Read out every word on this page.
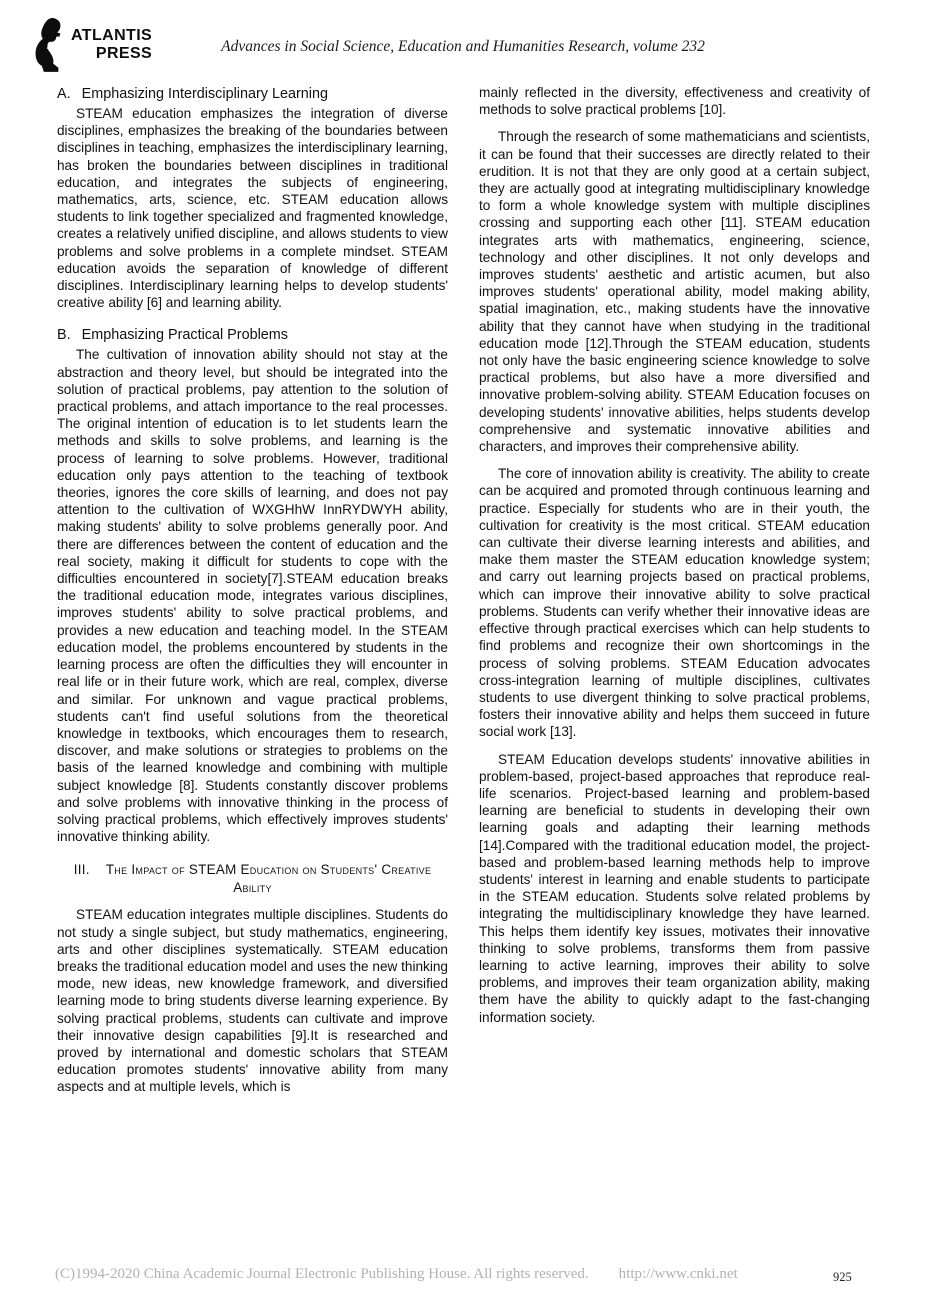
ATLANTIS
PRESS	Advances in Social Science, Education and Humanities Research, volume 232
A. Emphasizing Interdisciplinary Learning

STEAM education emphasizes the integration of diverse disciplines, emphasizes the breaking of the boundaries between disciplines in teaching, emphasizes the interdisciplinary learning, has broken the boundaries between disciplines in traditional education, and integrates the subjects of engineering, mathematics, arts, science, etc. STEAM education allows students to link together specialized and fragmented knowledge, creates a relatively unified discipline, and allows students to view problems and solve problems in a complete mindset. STEAM education avoids the separation of knowledge of different disciplines. Interdisciplinary learning helps to develop students' creative ability [6] and learning ability.

B. Emphasizing Practical Problems

The cultivation of innovation ability should not stay at the abstraction and theory level, but should be integrated into the solution of practical problems, pay attention to the solution of practical problems, and attach importance to the real processes. The original intention of education is to let students learn the methods and skills to solve problems, and learning is the process of learning to solve problems. However, traditional education only pays attention to the teaching of textbook theories, ignores the core skills of learning, and does not pay attention to the cultivation of WXGHhW InnRYDWYH ability, making students' ability to solve problems generally poor. And there are differences between the content of education and the real society, making it difficult for students to cope with the difficulties encountered in society[7].STEAM education breaks the traditional education mode, integrates various disciplines, improves students' ability to solve practical problems, and provides a new education and teaching model. In the STEAM education model, the problems encountered by students in the learning process are often the difficulties they will encounter in real life or in their future work, which are real, complex, diverse and similar. For unknown and vague practical problems, students can't find useful solutions from the theoretical knowledge in textbooks, which encourages them to research, discover, and make solutions or strategies to problems on the basis of the learned knowledge and combining with multiple subject knowledge [8]. Students constantly discover problems and solve problems with innovative thinking in the process of solving practical problems, which effectively improves students' innovative thinking ability.

III. The Impact of STEAM Education on Students' Creative Ability

STEAM education integrates multiple disciplines. Students do not study a single subject, but study mathematics, engineering, arts and other disciplines systematically. STEAM education breaks the traditional education model and uses the new thinking mode, new ideas, new knowledge framework, and diversified learning mode to bring students diverse learning experience. By solving practical problems, students can cultivate and improve their innovative design capabilities [9].It is researched and proved by international and domestic scholars that STEAM education promotes students' innovative ability from many aspects and at multiple levels, which is

mainly reflected in the diversity, effectiveness and creativity of methods to solve practical problems [10].

Through the research of some mathematicians and scientists, it can be found that their successes are directly related to their erudition. It is not that they are only good at a certain subject, they are actually good at integrating multidisciplinary knowledge to form a whole knowledge system with multiple disciplines crossing and supporting each other [11]. STEAM education integrates arts with mathematics, engineering, science, technology and other disciplines. It not only develops and improves students' aesthetic and artistic acumen, but also improves students' operational ability, model making ability, spatial imagination, etc., making students have the innovative ability that they cannot have when studying in the traditional education mode [12].Through the STEAM education, students not only have the basic engineering science knowledge to solve practical problems, but also have a more diversified and innovative problem-solving ability. STEAM Education focuses on developing students' innovative abilities, helps students develop comprehensive and systematic innovative abilities and characters, and improves their comprehensive ability.

The core of innovation ability is creativity. The ability to create can be acquired and promoted through continuous learning and practice. Especially for students who are in their youth, the cultivation for creativity is the most critical. STEAM education can cultivate their diverse learning interests and abilities, and make them master the STEAM education knowledge system; and carry out learning projects based on practical problems, which can improve their innovative ability to solve practical problems. Students can verify whether their innovative ideas are effective through practical exercises which can help students to find problems and recognize their own shortcomings in the process of solving problems. STEAM Education advocates cross-integration learning of multiple disciplines, cultivates students to use divergent thinking to solve practical problems, fosters their innovative ability and helps them succeed in future social work [13].

STEAM Education develops students' innovative abilities in problem-based, project-based approaches that reproduce real-life scenarios. Project-based learning and problem-based learning are beneficial to students in developing their own learning goals and adapting their learning methods [14].Compared with the traditional education model, the project-based and problem-based learning methods help to improve students' interest in learning and enable students to participate in the STEAM education. Students solve related problems by integrating the multidisciplinary knowledge they have learned. This helps them identify key issues, motivates their innovative thinking to solve problems, transforms them from passive learning to active learning, improves their ability to solve problems, and improves their team organization ability, making them have the ability to quickly adapt to the fast-changing information society.

(C)1994-2020 China Academic Journal Electronic Publishing House. All rights reserved. http://www.cnki.net	925
